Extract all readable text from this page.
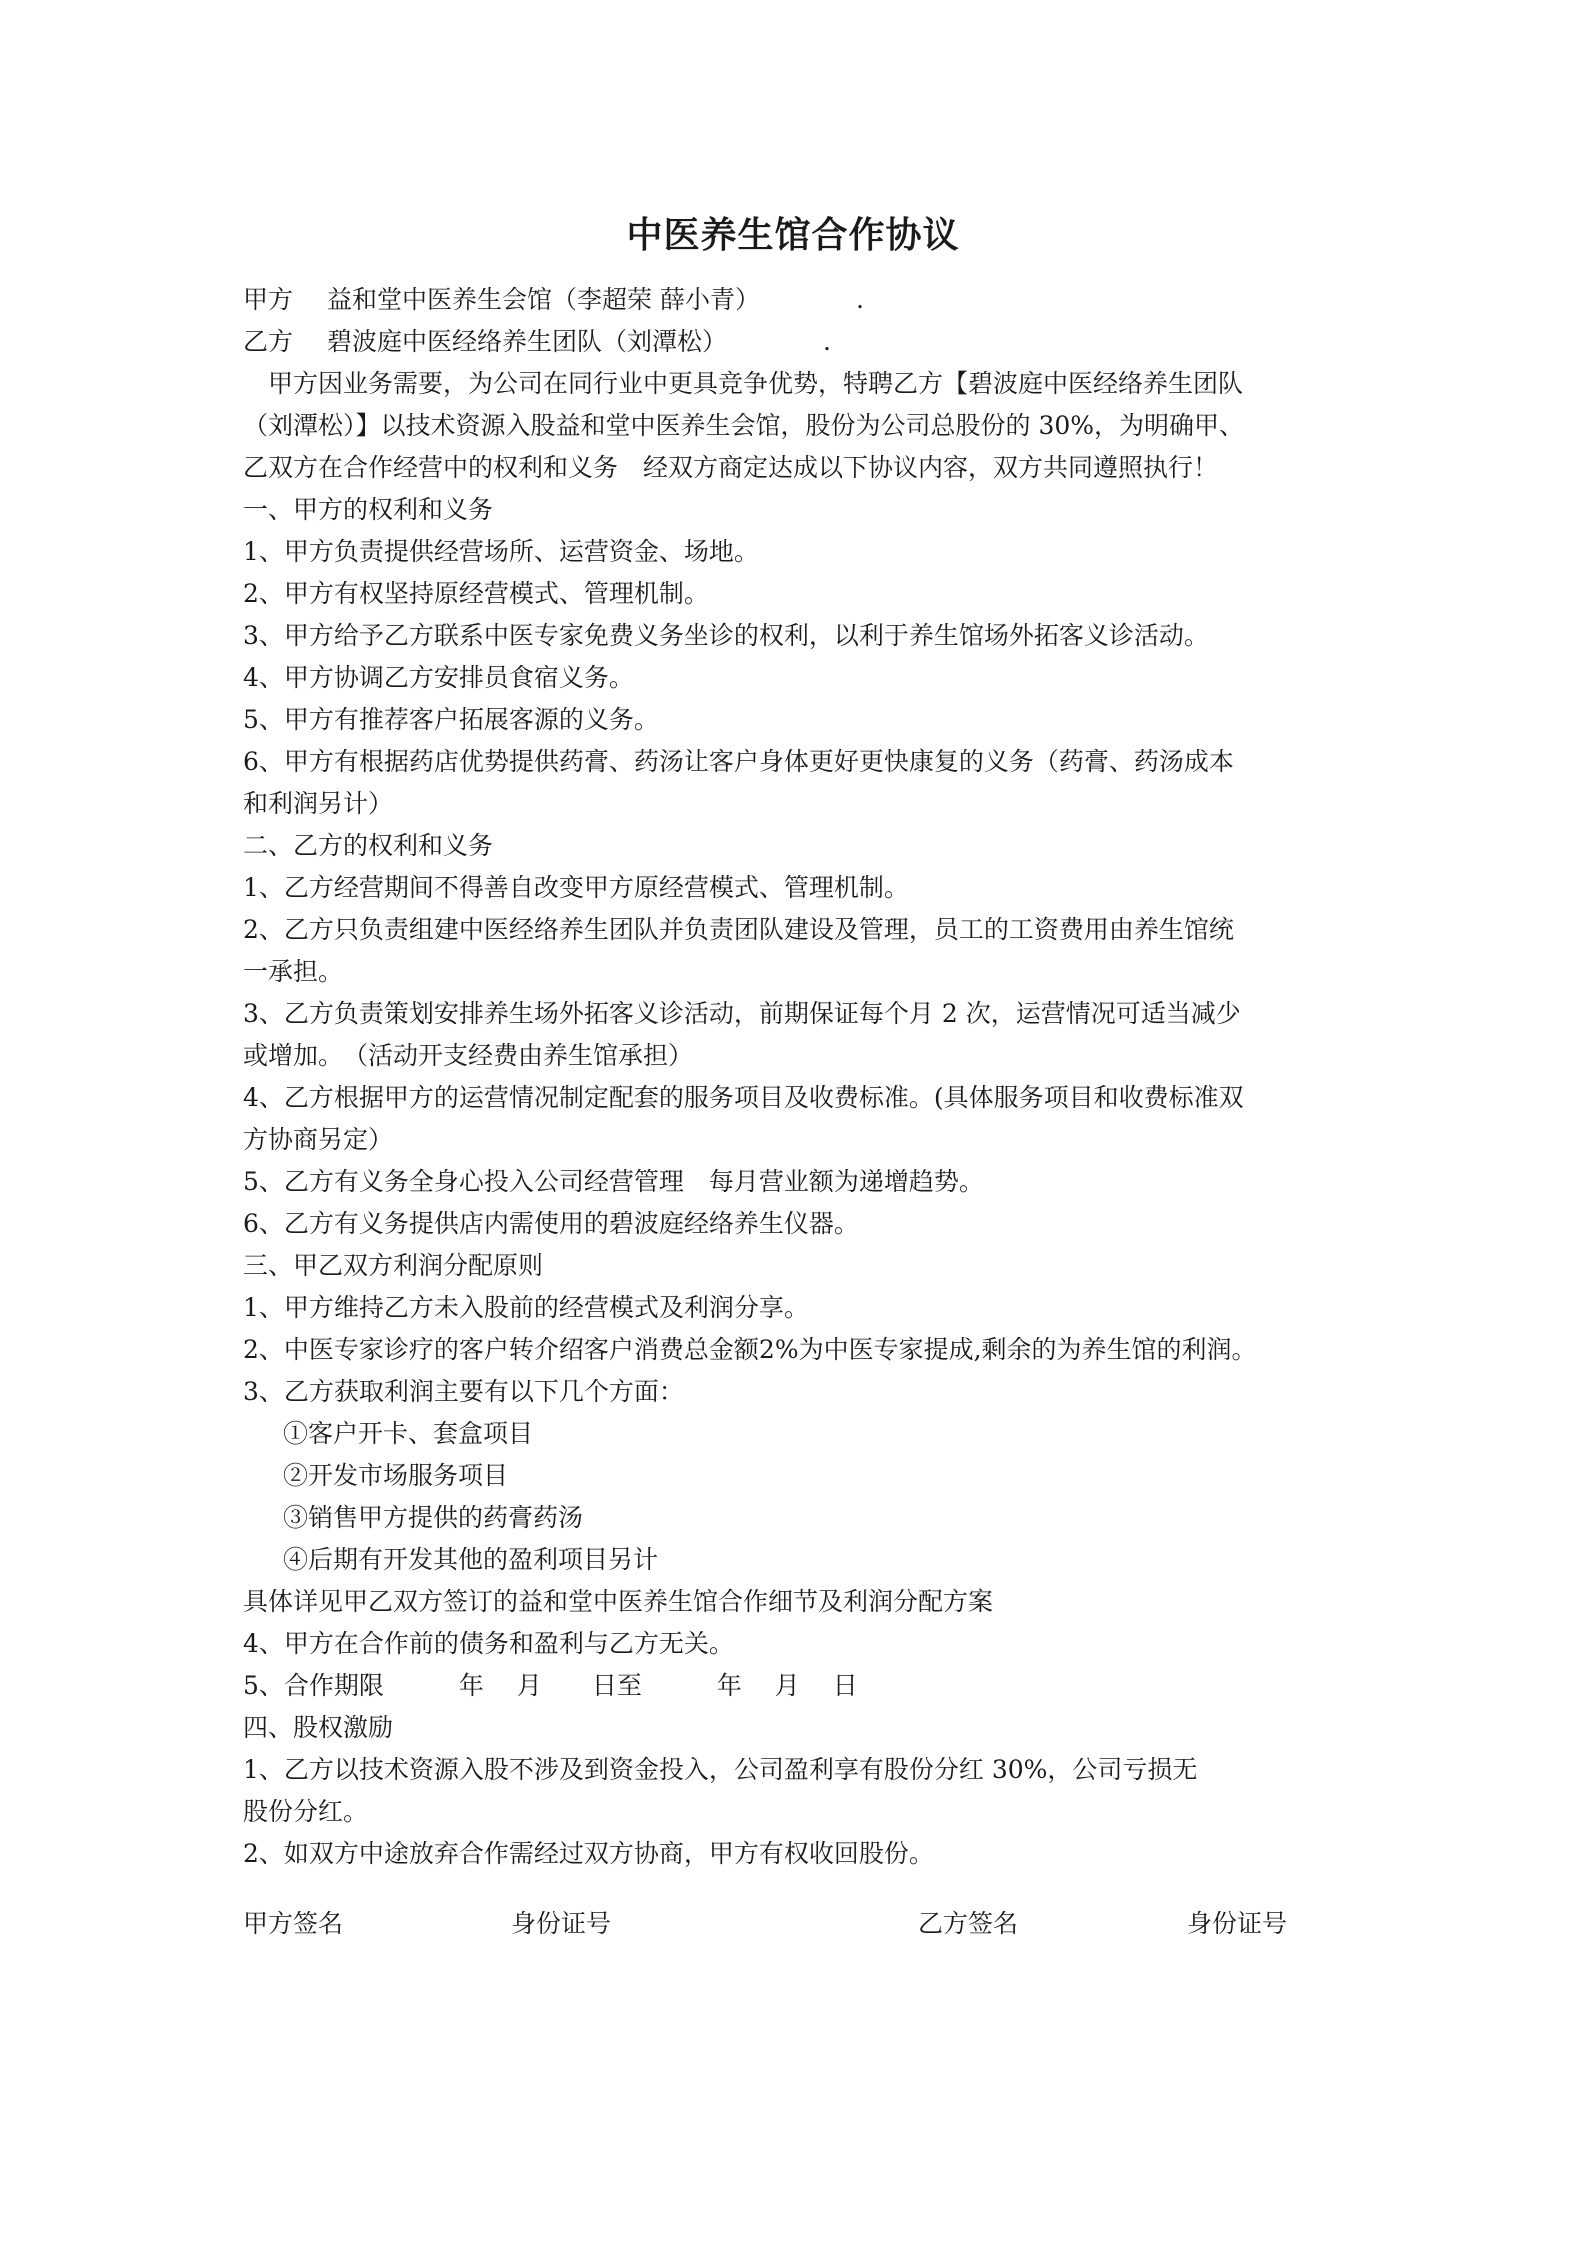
中医养生馆合作协议
甲方 益和堂中医养生会馆（李超荣 薛小青）	.
乙方 碧波庭中医经络养生团队（刘潭松）	.
甲方因业务需要，为公司在同行业中更具竞争优势，特聘乙方【碧波庭中医经络养生团队
（刘潭松）】以技术资源入股益和堂中医养生会馆，股份为公司总股份的 30%，为明确甲、
乙双方在合作经营中的权利和义务　经双方商定达成以下协议内容，双方共同遵照执行！
一、甲方的权利和义务
1、甲方负责提供经营场所、运营资金、场地。
2、甲方有权坚持原经营模式、管理机制。
3、甲方给予乙方联系中医专家免费义务坐诊的权利，以利于养生馆场外拓客义诊活动。
4、甲方协调乙方安排员食宿义务。
5、甲方有推荐客户拓展客源的义务。
6、甲方有根据药店优势提供药膏、药汤让客户身体更好更快康复的义务（药膏、药汤成本
和利润另计）
二、乙方的权利和义务
1、乙方经营期间不得善自改变甲方原经营模式、管理机制。
2、乙方只负责组建中医经络养生团队并负责团队建设及管理，员工的工资费用由养生馆统
一承担。
3、乙方负责策划安排养生场外拓客义诊活动，前期保证每个月 2 次，运营情况可适当减少
或增加。　（活动开支经费由养生馆承担）
4、乙方根据甲方的运营情况制定配套的服务项目及收费标准。(具体服务项目和收费标准双
方协商另定）
5、乙方有义务全身心投入公司经营管理　每月营业额为递增趋势。
6、乙方有义务提供店内需使用的碧波庭经络养生仪器。
三、甲乙双方利润分配原则
1、甲方维持乙方未入股前的经营模式及利润分享。
2、中医专家诊疗的客户转介绍客户消费总金额2%为中医专家提成,剩余的为养生馆的利润。
3、乙方获取利润主要有以下几个方面：
①客户开卡、套盒项目
②开发市场服务项目
③销售甲方提供的药膏药汤
④后期有开发其他的盈利项目另计
具体详见甲乙双方签订的益和堂中医养生馆合作细节及利润分配方案
4、甲方在合作前的债务和盈利与乙方无关。
5、合作期限　　　年　 月　　日至　　　年　 月　 日
四、股权激励
1、乙方以技术资源入股不涉及到资金投入，公司盈利享有股份分红 30%，公司亏损无
股份分红。
2、如双方中途放弃合作需经过双方协商，甲方有权收回股份。
甲方签名	身份证号	乙方签名	身份证号
